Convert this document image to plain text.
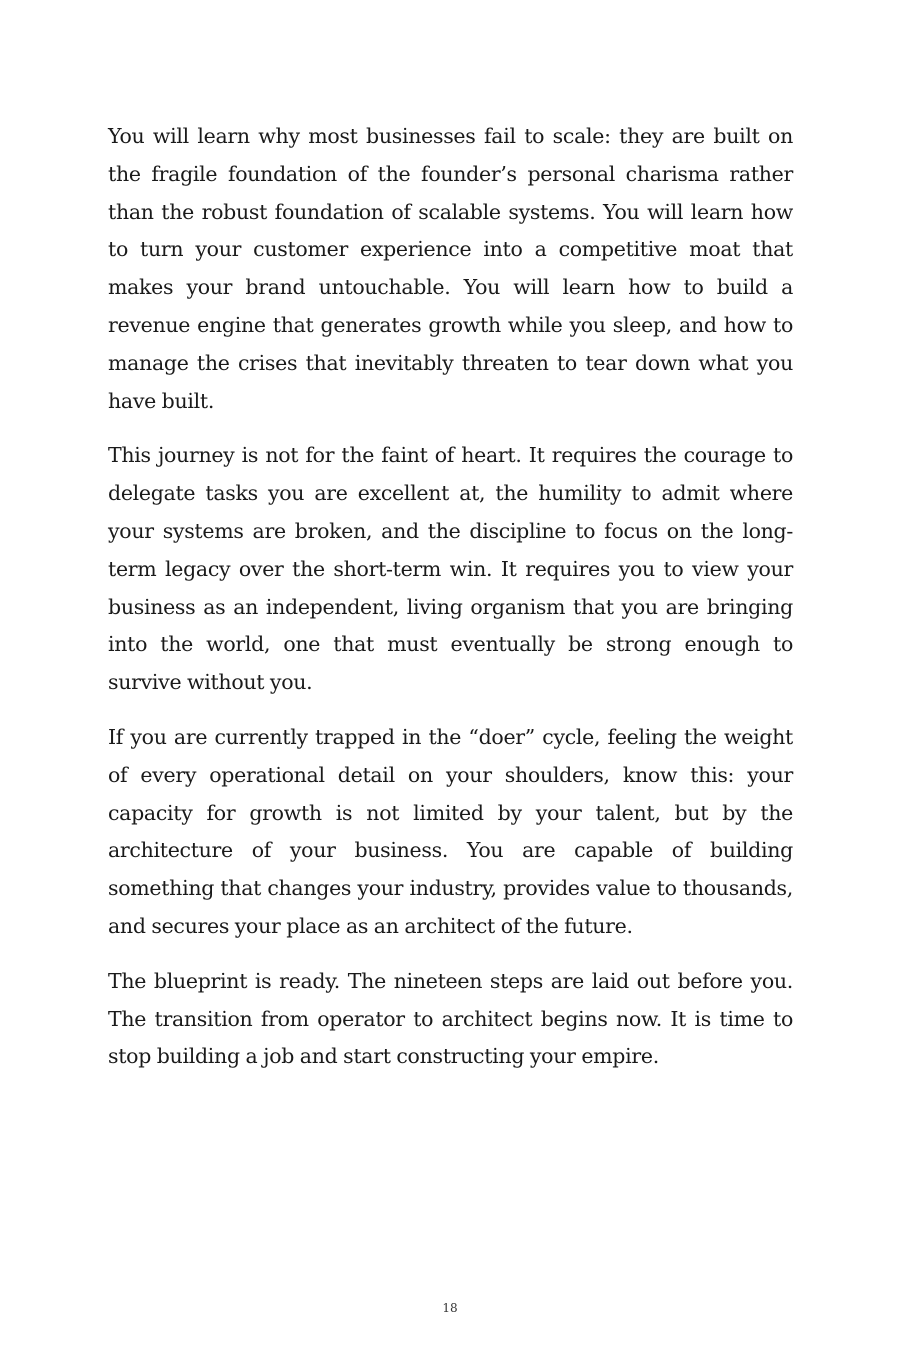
You will learn why most businesses fail to scale: they are built on the fragile foundation of the founder’s personal charisma rather than the robust foundation of scalable systems. You will learn how to turn your customer experience into a competitive moat that makes your brand untouchable. You will learn how to build a revenue engine that generates growth while you sleep, and how to manage the crises that inevitably threaten to tear down what you have built.

This journey is not for the faint of heart. It requires the courage to delegate tasks you are excellent at, the humility to admit where your systems are broken, and the discipline to focus on the long-term legacy over the short-term win. It requires you to view your business as an independent, living organism that you are bringing into the world, one that must eventually be strong enough to survive without you.

If you are currently trapped in the “doer” cycle, feeling the weight of every operational detail on your shoulders, know this: your capacity for growth is not limited by your talent, but by the architecture of your business. You are capable of building something that changes your industry, provides value to thousands, and secures your place as an architect of the future.

The blueprint is ready. The nineteen steps are laid out before you. The transition from operator to architect begins now. It is time to stop building a job and start constructing your empire.

18
